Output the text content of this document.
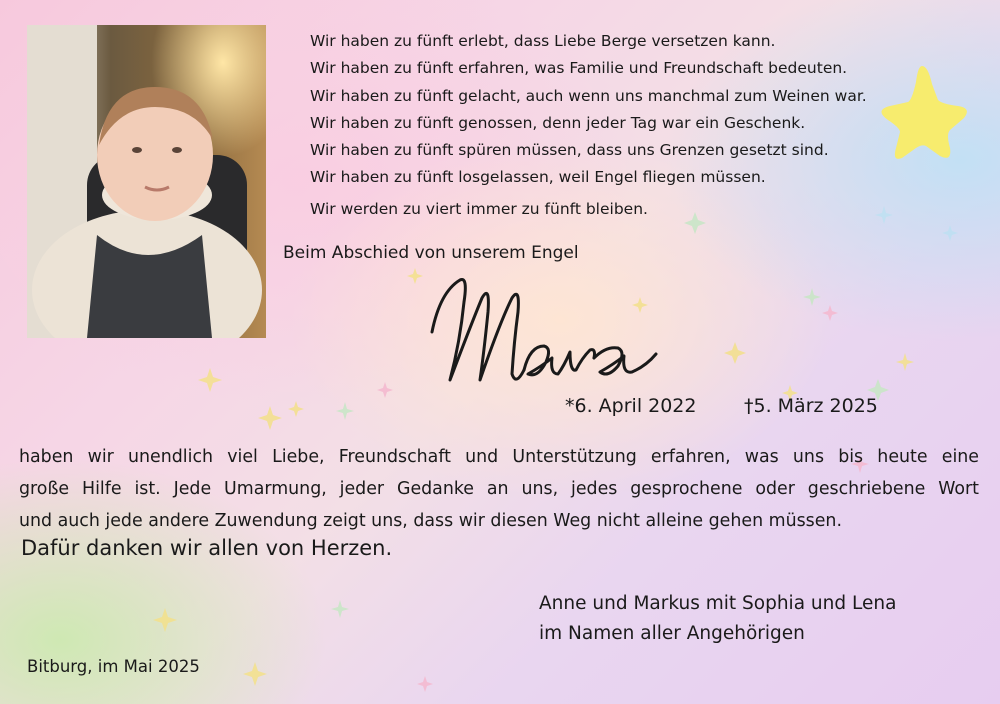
Wir haben zu fünft erlebt, dass Liebe Berge versetzen kann.
Wir haben zu fünft erfahren, was Familie und Freundschaft bedeuten.
Wir haben zu fünft gelacht, auch wenn uns manchmal zum Weinen war.
Wir haben zu fünft genossen, denn jeder Tag war ein Geschenk.
Wir haben zu fünft spüren müssen, dass uns Grenzen gesetzt sind.
Wir haben zu fünft losgelassen, weil Engel fliegen müssen.
Wir werden zu viert immer zu fünft bleiben.
Beim Abschied von unserem Engel
*6. April 2022	†5. März 2025
haben wir unendlich viel Liebe, Freundschaft und Unterstützung erfahren, was uns bis heute eine
große Hilfe ist. Jede Umarmung, jeder Gedanke an uns, jedes gesprochene oder geschriebene Wort
und auch jede andere Zuwendung zeigt uns, dass wir diesen Weg nicht alleine gehen müssen.
Dafür danken wir allen von Herzen.
Anne und Markus mit Sophia und Lena
im Namen aller Angehörigen
Bitburg, im Mai 2025
